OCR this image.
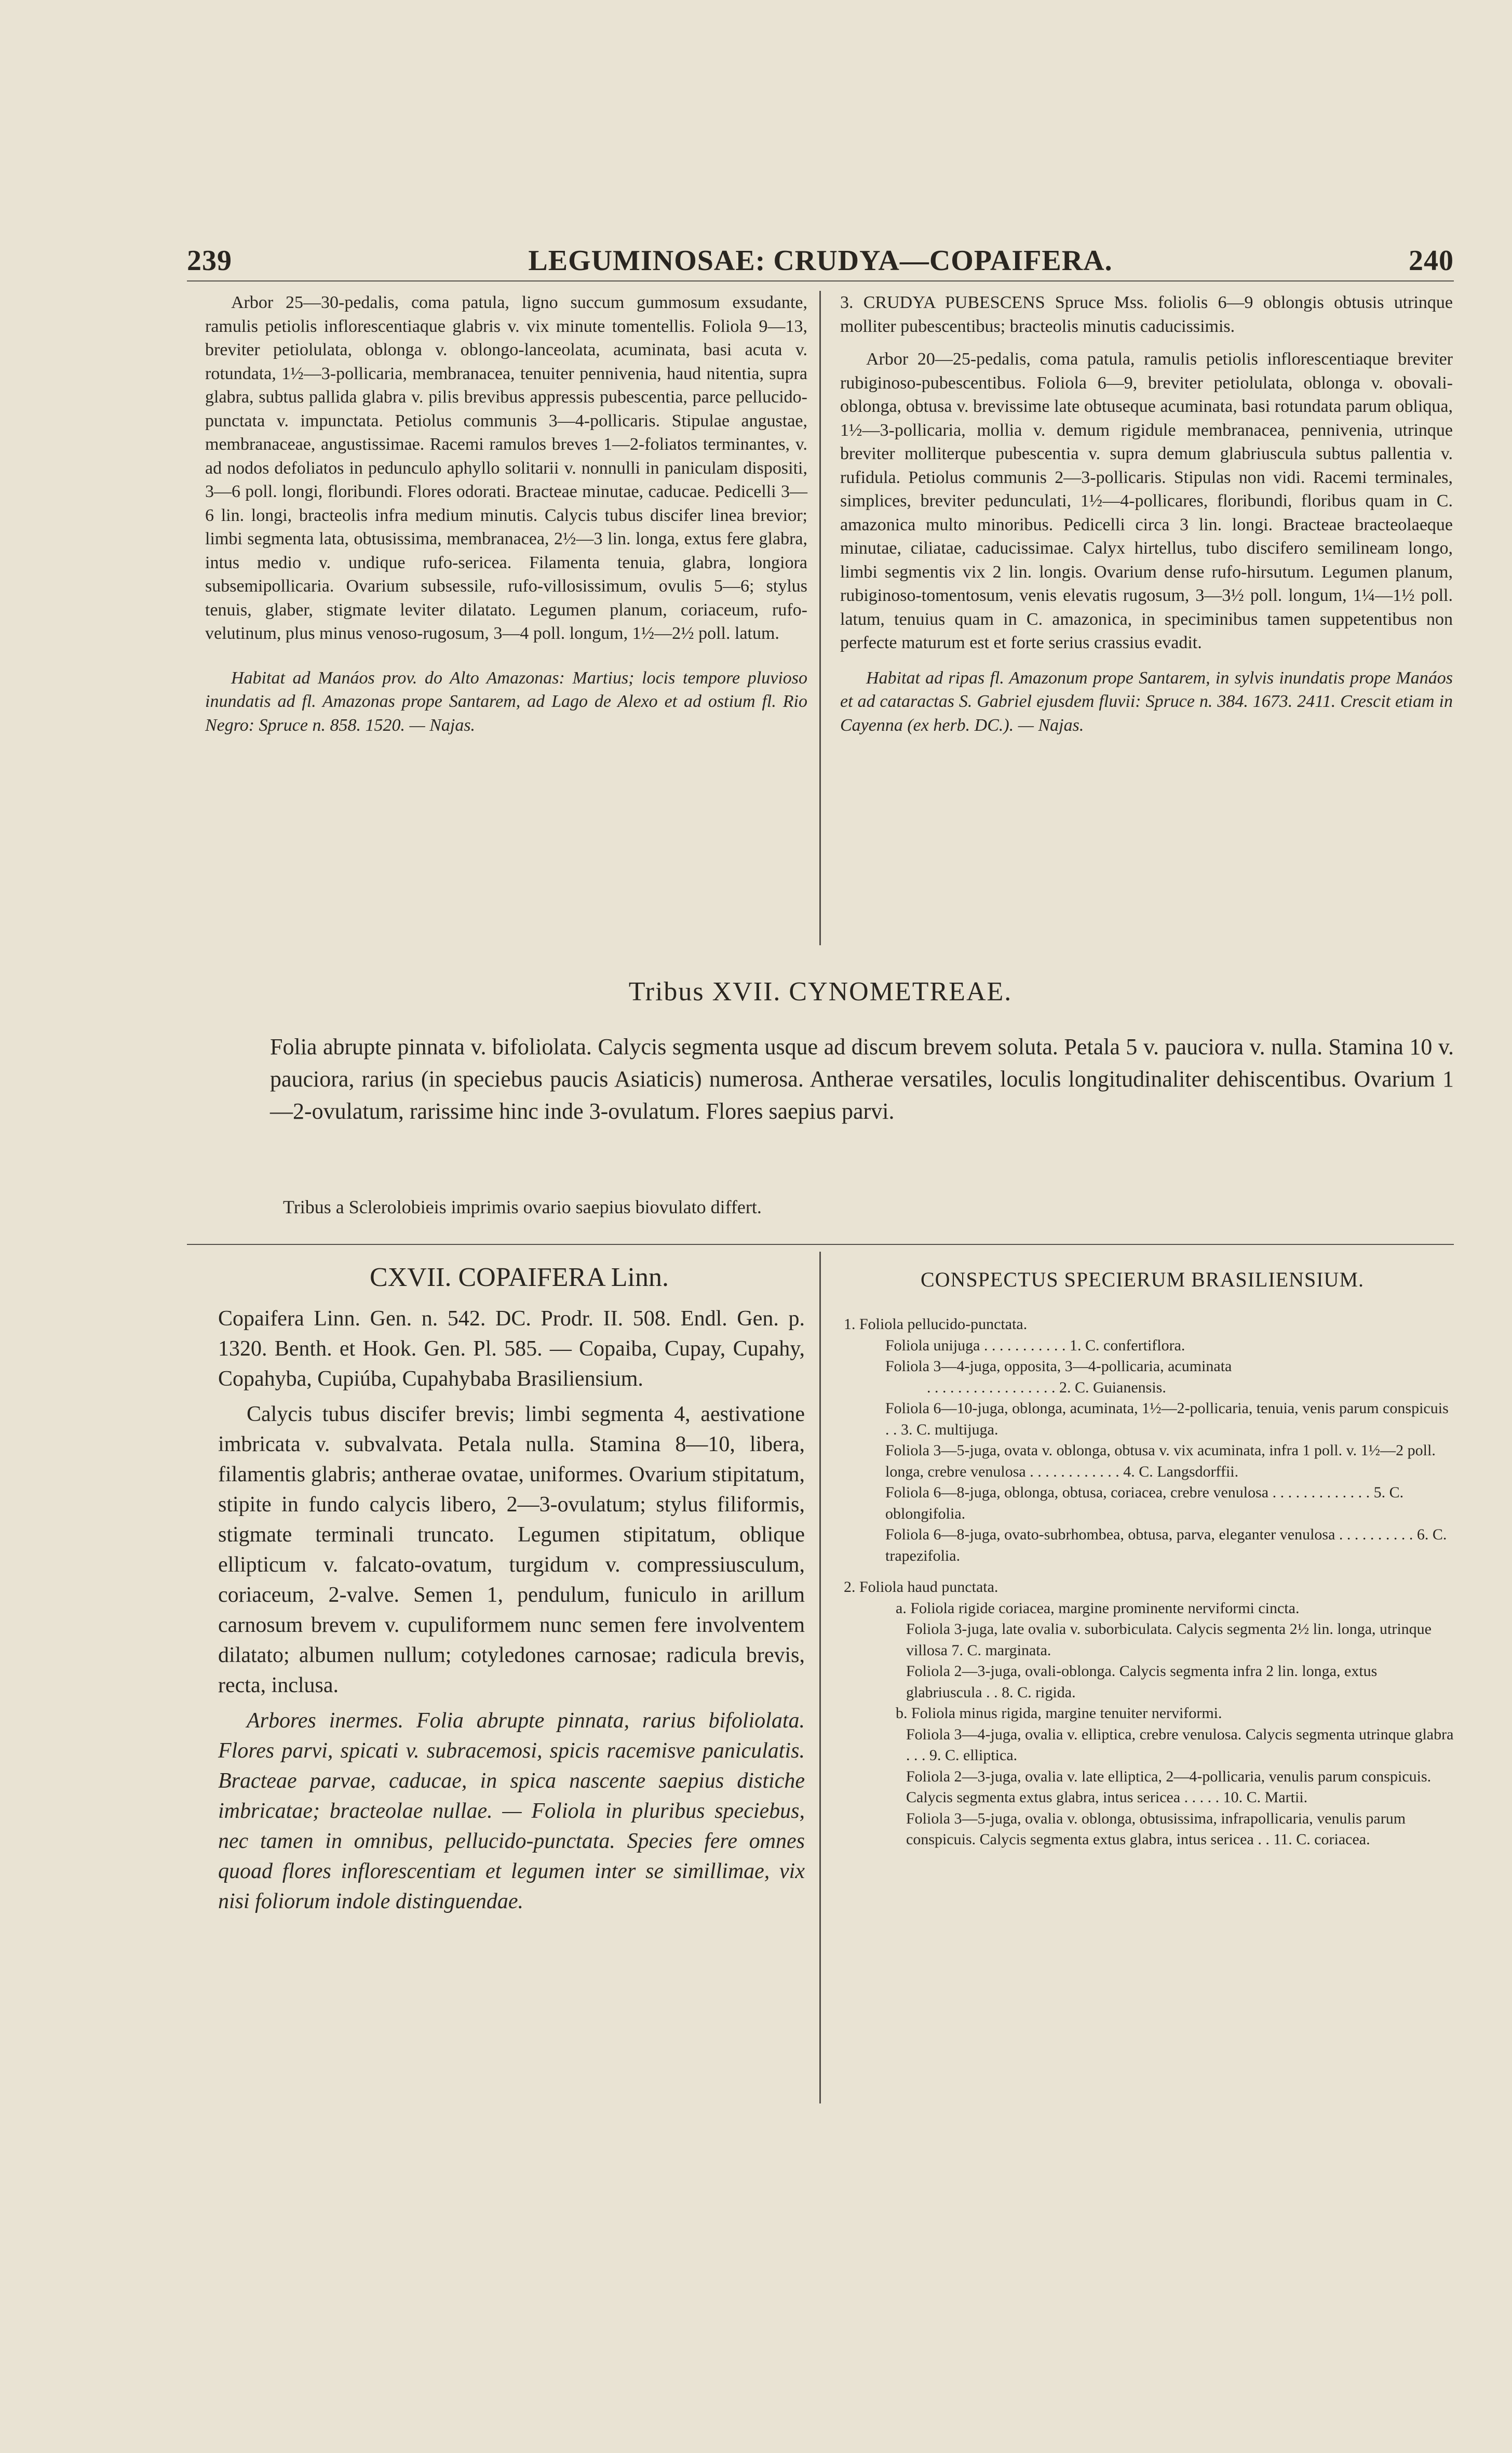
239	LEGUMINOSAE: CRUDYA—COPAIFERA.	240

Arbor 25—30-pedalis, coma patula, ligno succum gummosum exsudante, ramulis petiolis inflorescentiaque glabris v. vix minute tomentellis. Foliola 9—13, breviter petiolulata, oblonga v. oblongo-lanceolata, acuminata, basi acuta v. rotundata, 1½—3-pollicaria, membranacea, tenuiter pennivenia, haud nitentia, supra glabra, subtus pallida glabra v. pilis brevibus appressis pubescentia, parce pellucido-punctata v. impunctata. Petiolus communis 3—4-pollicaris. Stipulae angustae, membranaceae, angustissimae. Racemi ramulos breves 1—2-foliatos terminantes, v. ad nodos defoliatos in pedunculo aphyllo solitarii v. nonnulli in paniculam dispositi, 3—6 poll. longi, floribundi. Flores odorati. Bracteae minutae, caducae. Pedicelli 3—6 lin. longi, bracteolis infra medium minutis. Calycis tubus discifer linea brevior; limbi segmenta lata, obtusissima, membranacea, 2½—3 lin. longa, extus fere glabra, intus medio v. undique rufo-sericea. Filamenta tenuia, glabra, longiora subsemipollicaria. Ovarium subsessile, rufo-villosissimum, ovulis 5—6; stylus tenuis, glaber, stigmate leviter dilatato. Legumen planum, coriaceum, rufo-velutinum, plus minus venoso-rugosum, 3—4 poll. longum, 1½—2½ poll. latum.

Habitat ad Manáos prov. do Alto Amazonas: Martius; locis tempore pluvioso inundatis ad fl. Amazonas prope Santarem, ad Lago de Alexo et ad ostium fl. Rio Negro: Spruce n. 858. 1520. — Najas.

3. CRUDYA PUBESCENS Spruce Mss. foliolis 6—9 oblongis obtusis utrinque molliter pubescentibus; bracteolis minutis caducissimis.

Arbor 20—25-pedalis, coma patula, ramulis petiolis inflorescentiaque breviter rubiginoso-pubescentibus. Foliola 6—9, breviter petiolulata, oblonga v. obovali-oblonga, obtusa v. brevissime late obtuseque acuminata, basi rotundata parum obliqua, 1½—3-pollicaria, mollia v. demum rigidule membranacea, pennivenia, utrinque breviter molliterque pubescentia v. supra demum glabriuscula subtus pallentia v. rufidula. Petiolus communis 2—3-pollicaris. Stipulas non vidi. Racemi terminales, simplices, breviter pedunculati, 1½—4-pollicares, floribundi, floribus quam in C. amazonica multo minoribus. Pedicelli circa 3 lin. longi. Bracteae bracteolaeque minutae, ciliatae, caducissimae. Calyx hirtellus, tubo discifero semilineam longo, limbi segmentis vix 2 lin. longis. Ovarium dense rufo-hirsutum. Legumen planum, rubiginoso-tomentosum, venis elevatis rugosum, 3—3½ poll. longum, 1¼—1½ poll. latum, tenuius quam in C. amazonica, in speciminibus tamen suppetentibus non perfecte maturum est et forte serius crassius evadit.

Habitat ad ripas fl. Amazonum prope Santarem, in sylvis inundatis prope Manáos et ad cataractas S. Gabriel ejusdem fluvii: Spruce n. 384. 1673. 2411. Crescit etiam in Cayenna (ex herb. DC.). — Najas.

Tribus XVII. CYNOMETREAE.

Folia abrupte pinnata v. bifoliolata. Calycis segmenta usque ad discum brevem soluta. Petala 5 v. pauciora v. nulla. Stamina 10 v. pauciora, rarius (in speciebus paucis Asiaticis) numerosa. Antherae versatiles, loculis longitudinaliter dehiscentibus. Ovarium 1—2-ovulatum, rarissime hinc inde 3-ovulatum. Flores saepius parvi.

Tribus a Sclerolobieis imprimis ovario saepius biovulato differt.
CXVII. COPAIFERA Linn.

Copaifera Linn. Gen. n. 542. DC. Prodr. II. 508. Endl. Gen. p. 1320. Benth. et Hook. Gen. Pl. 585. — Copaiba, Cupay, Cupahy, Copahyba, Cupiúba, Cupahybaba Brasiliensium.

Calycis tubus discifer brevis; limbi segmenta 4, aestivatione imbricata v. subvalvata. Petala nulla. Stamina 8—10, libera, filamentis glabris; antherae ovatae, uniformes. Ovarium stipitatum, stipite in fundo calycis libero, 2—3-ovulatum; stylus filiformis, stigmate terminali truncato. Legumen stipitatum, oblique ellipticum v. falcato-ovatum, turgidum v. compressiusculum, coriaceum, 2-valve. Semen 1, pendulum, funiculo in arillum carnosum brevem v. cupuliformem nunc semen fere involventem dilatato; albumen nullum; cotyledones carnosae; radicula brevis, recta, inclusa.

Arbores inermes. Folia abrupte pinnata, rarius bifoliolata. Flores parvi, spicati v. subracemosi, spicis racemisve paniculatis. Bracteae parvae, caducae, in spica nascente saepius distiche imbricatae; bracteolae nullae. — Foliola in pluribus speciebus, nec tamen in omnibus, pellucido-punctata. Species fere omnes quoad flores inflorescentiam et legumen inter se simillimae, vix nisi foliorum indole distinguendae.

CONSPECTUS SPECIERUM BRASILIENSIUM.

1. Foliola pellucido-punctata.

Foliola unijuga . . . . . . . . . . . 1. C. confertiflora.

Foliola 3—4-juga, opposita, 3—4-pollicaria, acuminata

. . . . . . . . . . . . . . . . . 2. C. Guianensis.

Foliola 6—10-juga, oblonga, acuminata, 1½—2-pollicaria, tenuia, venis parum conspicuis . . 3. C. multijuga.

Foliola 3—5-juga, ovata v. oblonga, obtusa v. vix acuminata, infra 1 poll. v. 1½—2 poll. longa, crebre venulosa . . . . . . . . . . . . 4. C. Langsdorffii.

Foliola 6—8-juga, oblonga, obtusa, coriacea, crebre venulosa . . . . . . . . . . . . . 5. C. oblongifolia.

Foliola 6—8-juga, ovato-subrhombea, obtusa, parva, eleganter venulosa . . . . . . . . . . 6. C. trapezifolia.

2. Foliola haud punctata.

a. Foliola rigide coriacea, margine prominente nerviformi cincta.

Foliola 3-juga, late ovalia v. suborbiculata. Calycis segmenta 2½ lin. longa, utrinque villosa 7. C. marginata.

Foliola 2—3-juga, ovali-oblonga. Calycis segmenta infra 2 lin. longa, extus glabriuscula . . 8. C. rigida.

b. Foliola minus rigida, margine tenuiter nerviformi.

Foliola 3—4-juga, ovalia v. elliptica, crebre venulosa. Calycis segmenta utrinque glabra . . . 9. C. elliptica.

Foliola 2—3-juga, ovalia v. late elliptica, 2—4-pollicaria, venulis parum conspicuis. Calycis segmenta extus glabra, intus sericea . . . . . 10. C. Martii.

Foliola 3—5-juga, ovalia v. oblonga, obtusissima, infrapollicaria, venulis parum conspicuis. Calycis segmenta extus glabra, intus sericea . . 11. C. coriacea.
